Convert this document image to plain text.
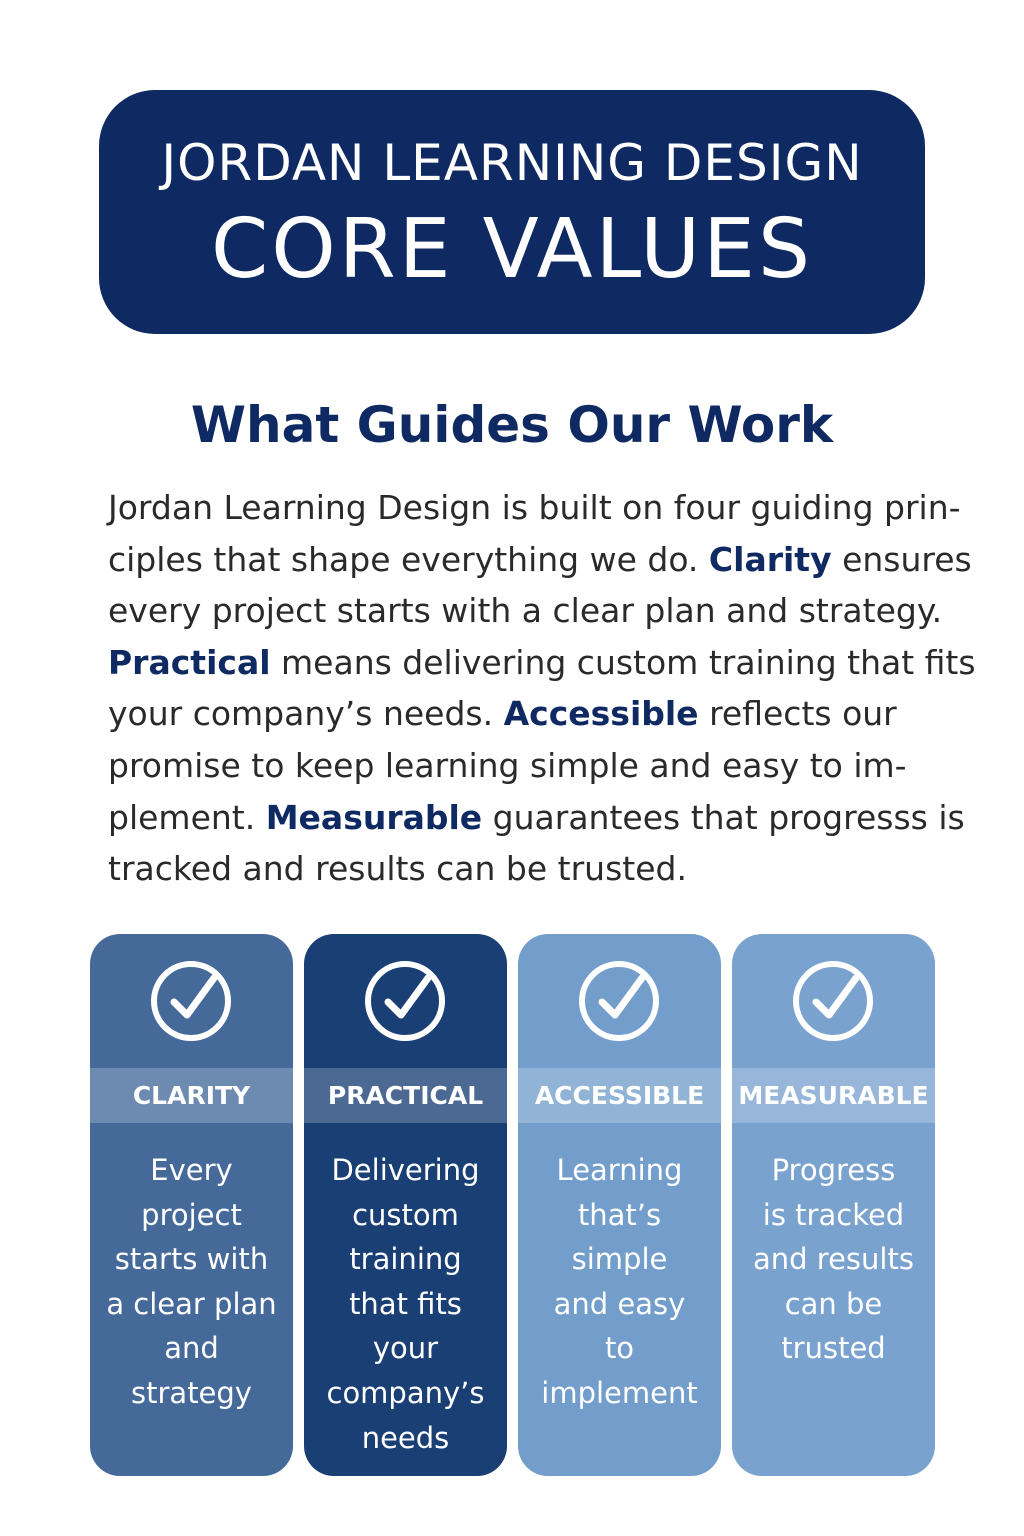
JORDAN LEARNING DESIGN
CORE VALUES
What Guides Our Work
Jordan Learning Design is built on four guiding prin-
ciples that shape everything we do. Clarity ensures
every project starts with a clear plan and strategy.
Practical means delivering custom training that fits
your company’s needs. Accessible reflects our
promise to keep learning simple and easy to im-
plement. Measurable guarantees that progresss is
tracked and results can be trusted.
CLARITY
Every
project
starts with
a clear plan
and
strategy
PRACTICAL
Delivering
custom
training
that fits
your
company’s
needs
ACCESSIBLE
Learning
that’s
simple
and easy
to
implement
MEASURABLE
Progress
is tracked
and results
can be
trusted
